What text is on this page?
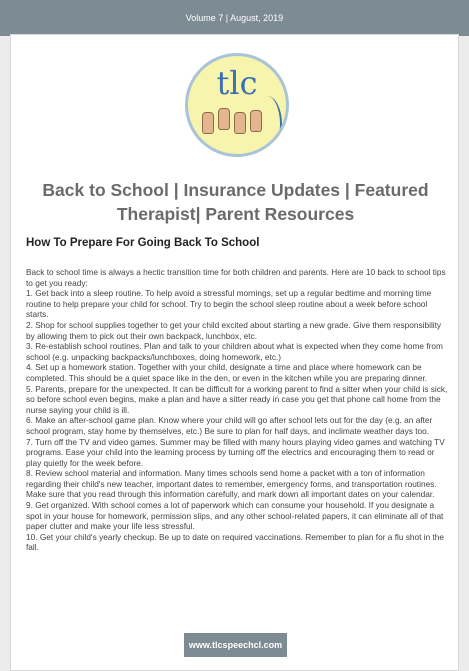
Volume 7 | August, 2019
tlc
Back to School | Insurance Updates | Featured Therapist| Parent Resources
How To Prepare For Going Back To School

Back to school time is always a hectic transition time for both children and parents. Here are 10 back to school tips to get you ready:

1. Get back into a sleep routine. To help avoid a stressful mornings, set up a regular bedtime and morning time routine to help prepare your child for school. Try to begin the school sleep routine about a week before school starts.

2. Shop for school supplies together to get your child excited about starting a new grade. Give them responsibility by allowing them to pick out their own backpack, lunchbox, etc.

3. Re-establish school routines. Plan and talk to your children about what is expected when they come home from school (e.g. unpacking backpacks/lunchboxes, doing homework, etc.)

4. Set up a homework station. Together with your child, designate a time and place where homework can be completed. This should be a quiet space like in the den, or even in the kitchen while you are preparing dinner.

5. Parents, prepare for the unexpected. It can be difficult for a working parent to find a sitter when your child is sick, so before school even begins, make a plan and have a sitter ready in case you get that phone call home from the nurse saying your child is ill.

6. Make an after-school game plan. Know where your child will go after school lets out for the day (e.g. an after school program, stay home by themselves, etc.) Be sure to plan for half days, and inclimate weather days too.

7. Turn off the TV and video games. Summer may be filled with many hours playing video games and watching TV programs. Ease your child into the learning process by turning off the electrics and encouraging them to read or play quietly for the week before.

8. Review school material and information. Many times schools send home a packet with a ton of information regarding their child's new teacher, important dates to remember, emergency forms, and transportation routines. Make sure that you read through this information carefully, and mark down all important dates on your calendar.

9. Get organized. With school comes a lot of paperwork which can consume your household. If you designate a spot in your house for homework, permission slips, and any other school-related papers, it can eliminate all of that paper clutter and make your life less stressful.

10. Get your child's yearly checkup. Be up to date on required vaccinations. Remember to plan for a flu shot in the fall.

www.tlcspeechcl.com
